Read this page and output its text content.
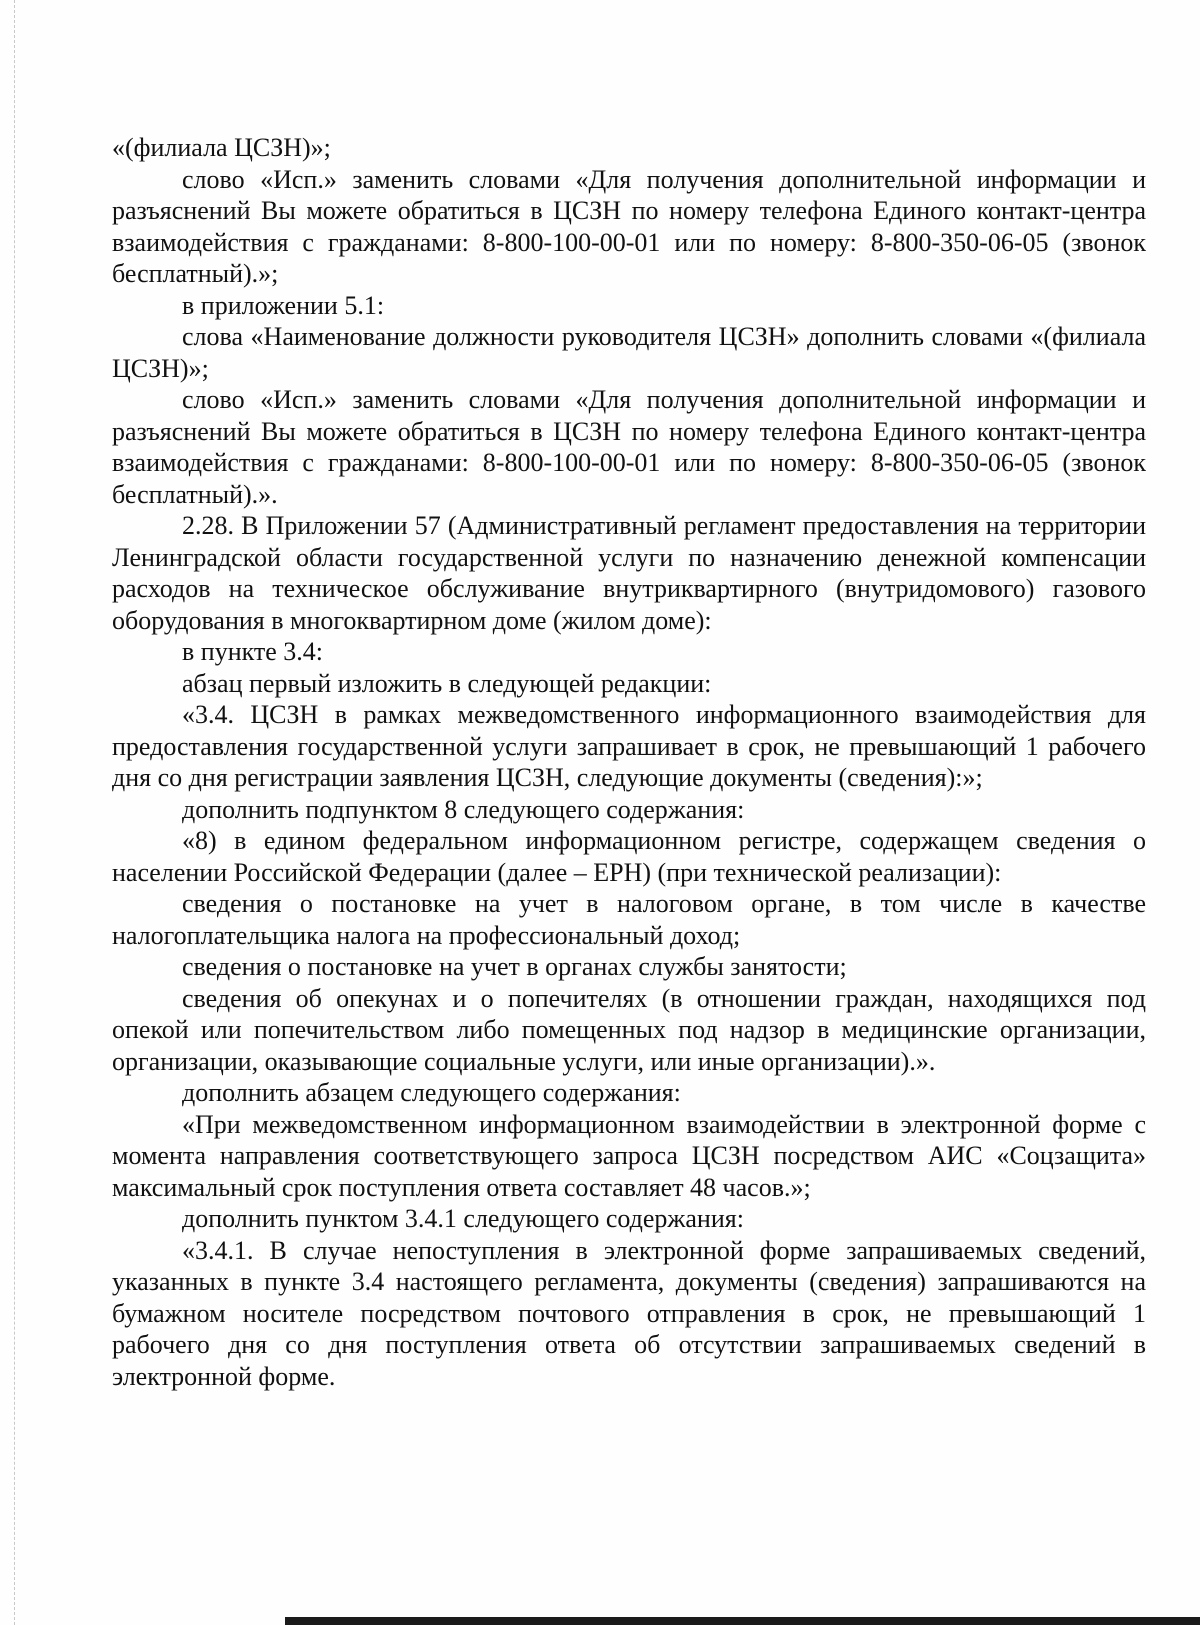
«(филиала ЦСЗН)»;

слово «Исп.» заменить словами «Для получения дополнительной информации и разъяснений Вы можете обратиться в ЦСЗН по номеру телефона Единого контакт-центра взаимодействия с гражданами: 8-800-100-00-01 или по номеру: 8-800-350-06-05 (звонок бесплатный).»;

в приложении 5.1:

слова «Наименование должности руководителя ЦСЗН» дополнить словами «(филиала ЦСЗН)»;

слово «Исп.» заменить словами «Для получения дополнительной информации и разъяснений Вы можете обратиться в ЦСЗН по номеру телефона Единого контакт-центра взаимодействия с гражданами: 8-800-100-00-01 или по номеру: 8-800-350-06-05 (звонок бесплатный).».

2.28. В Приложении 57 (Административный регламент предоставления на территории Ленинградской области государственной услуги по назначению денежной компенсации расходов на техническое обслуживание внутриквартирного (внутридомового) газового оборудования в многоквартирном доме (жилом доме):

в пункте 3.4:

абзац первый изложить в следующей редакции:

«3.4. ЦСЗН в рамках межведомственного информационного взаимодействия для предоставления государственной услуги запрашивает в срок, не превышающий 1 рабочего дня со дня регистрации заявления ЦСЗН, следующие документы (сведения):»;

дополнить подпунктом 8 следующего содержания:

«8) в едином федеральном информационном регистре, содержащем сведения о населении Российской Федерации (далее – ЕРН) (при технической реализации):

сведения о постановке на учет в налоговом органе, в том числе в качестве налогоплательщика налога на профессиональный доход;

сведения о постановке на учет в органах службы занятости;

сведения об опекунах и о попечителях (в отношении граждан, находящихся под опекой или попечительством либо помещенных под надзор в медицинские организации, организации, оказывающие социальные услуги, или иные организации).».

дополнить абзацем следующего содержания:

«При межведомственном информационном взаимодействии в электронной форме с момента направления соответствующего запроса ЦСЗН посредством АИС «Соцзащита» максимальный срок поступления ответа составляет 48 часов.»;

дополнить пунктом 3.4.1 следующего содержания:

«3.4.1. В случае непоступления в электронной форме запрашиваемых сведений, указанных в пункте 3.4 настоящего регламента, документы (сведения) запрашиваются на бумажном носителе посредством почтового отправления в срок, не превышающий 1 рабочего дня со дня поступления ответа об отсутствии запрашиваемых сведений в электронной форме.
